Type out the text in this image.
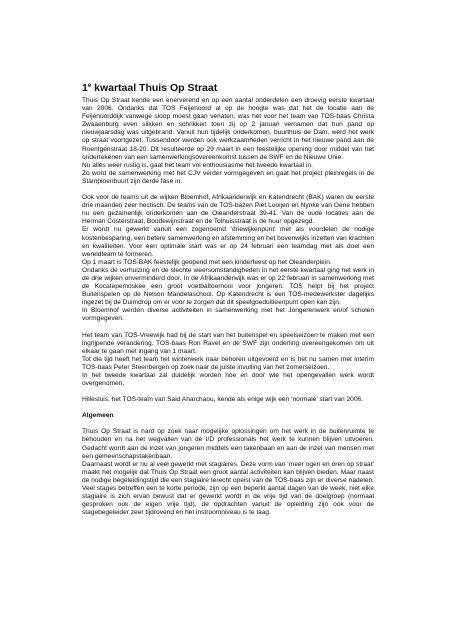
1e kwartaal Thuis Op Straat

Thuis Op Straat kende een enerverend en op een aantal onderdelen een droevig eerste kwartaal van 2006. Ondanks dat TOS Feijenoord al op de hoogte was dat het de locatie aan de Feijenoorddijk vanwege sloop moest gaan verlaten, was het voor het team van TOS-baas Christa Zwaaenburg even slikken en schrikken toen zij op 2 januari vernamen dat hun pand op nieuwjaarsdag was uitgebrand. Vanuit hun tijdelijk onderkomen, buurthuis de Dam, werd het werk op straat voortgezet. Tussendoor werden ook werkzaamheden verricht in het nieuwe pand aan de Roentgenstraat 18-20. Dit resulteerde op 29 maart in een feestelijke opening door middel van het ondertekenen van een samenwerkingsovereenkomst tussen de SWF en de Nieuwe Unie.

Nu alles weer rustig is, gaat het team vol enthousiasme het tweede kwartaal in.

Zo word de samenwerking met het CJV verder vormgegeven en gaat het project pleinregels in de Stampioenbuurt zijn derde fase in.

Ook voor de teams uit de wijken Bloemhof, Afrikaanderwijk en Katendrecht (BAK) waren de eerste drie maanden zeer hectisch. De teams van de TOS-bazen Piet Looijen en Nynke van Oene hebben nu een gezamenlijk onderkomen aan de Oleanderstraat 39-41. Van de oude locaties aan de Herman Costerstraat, Boudewijnstraat en de Tolhuisstraat is de huur opgezegd.

Er wordt nu gewerkt vanuit een zogenoemd ‘driewijkenpunt’ met als voordelen de nodige kostenbesparing, een betere samenwerking en afstemming en het bovenwijks inzetten van krachten en kwaliteiten. Voor een optimale start was er op 24 februari een teamdag met als doel een wereldteam te formeren.

Op 1 maart is TOS-BAK feestelijk geopend met een kinderfeest op het Oleanderplein.

Ondanks de verhuizing en de slechte weersomstandigheden in het eerste kwartaal ging het werk in de drie wijken onverminderd door. In de Afrikaanderwijk was er op 22 februari in samenwerking met de Kocatepemoskee een groot voetbaltoernooi voor jongeren. TOS helpt bij het project Buitenspelen op de Nelson Mandelaschool. Op Katendrecht is een TOS-medewerkster dagelijks ingezet bij de Duimdrop om er voor te zorgen dat dit speelgoeduitleenpunt open kan zijn.

In Bloemhof werden diverse activiteiten in samenwerking met het Jongerenwerk en/of scholen vormgegeven.

Het team van TOS-Vreewijk had bij de start van het buitenspel en speelseizoen te maken met een ingrijpende verandering. TOS-baas Ron Ravel en de SWF zijn onderling overeengekomen om uit elkaar te gaan met ingang van 1 maart.

Tot die tijd heeft het team het winterwerk naar behoren uitgevoerd en is het nu samen met interim TOS-baas Peter Steenbergen op zoek naar de juiste invulling van het zomerseizoen.

In het tweede kwartaal zal duidelijk worden hoe en door wie het opengevallen werk wordt overgenomen.

Hillesluis, het TOS-team van Said Aharchaou, kende als enige wijk een ‘normale’ start van 2006.

Algemeen

Thuis Op Straat is hard op zoek naar mogelijke oplossingen om het werk in de buitenruimte te behouden en na het wegvallen van de I/D professionals het werk te kunnen blijven uitvoeren. Gedacht wordt aan de inzet van jongeren middels een takenbaan en aan de inzet van mensen met een gemeenschapstakenbaan.

Daarnaast wordt er nu al veel gewerkt met stagiaires. Deze vorm van ‘meer ogen en oren op straat’ maakt het mogelijk dat Thuis Op Straat een groot aantal activiteiten kan blijven bieden. Maar naast de nodige begeleidingstijd die een stagiaire terecht opeist van de TOS-baas zijn er diverse nadelen. Veel stages betreffen een te korte periode, zijn op een beperkt aantal dagen van de week, niet elke stagiaire is zich ervan bewust dat er gewerkt wordt in de vrije tijd van de doelgroep (normaal gesproken ook de eigen vrije tijd), de opdrachten vanuit de opleiding zijn ook voor de stagebegeleider zeer tijdrovend en het instroomniveau is te laag.
